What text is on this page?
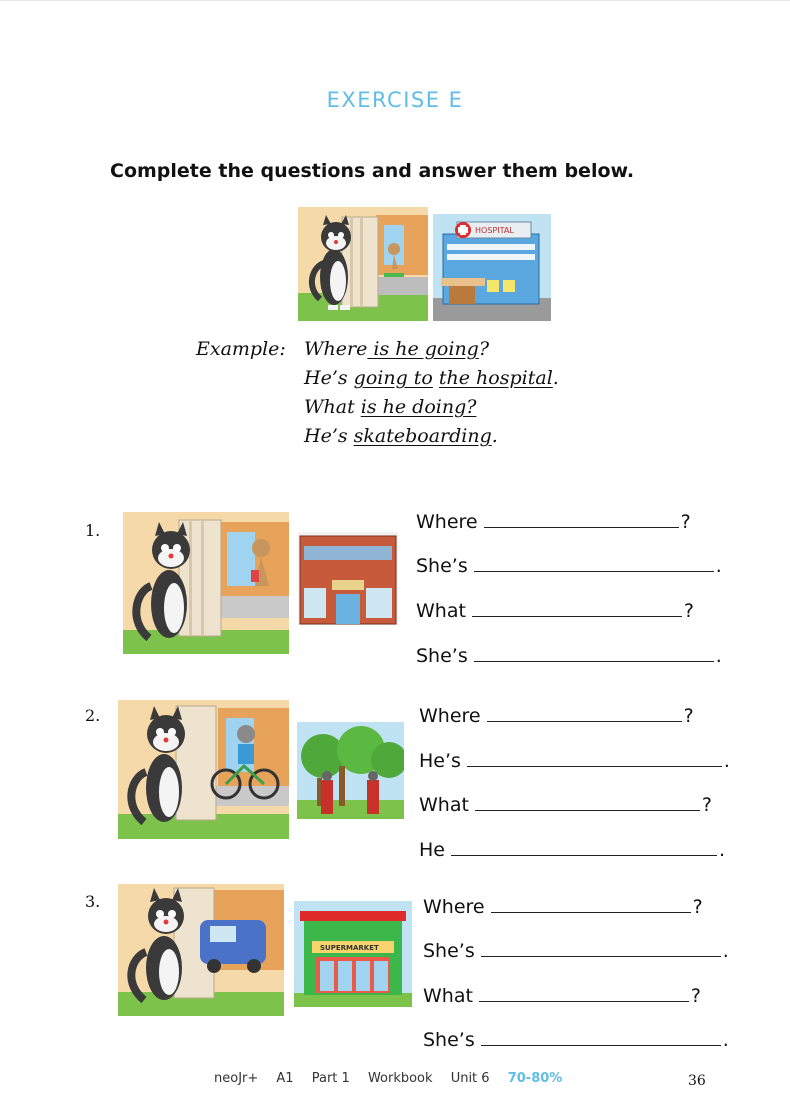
EXERCISE E
Complete the questions and answer them below.
HOSPITAL
Example: Where is he going?
He’s going to the hospital.
What is he doing?
He’s skateboarding.
1.	Where	?
She’s	.
What	?
She’s	.
2.	Where	?
He’s	.
What	?
He	.
3.
SUPERMARKET
Where	?
She’s	.
What	?
She’s	.
neoJr+ A1 Part 1 Workbook Unit 6 70-80%	36
